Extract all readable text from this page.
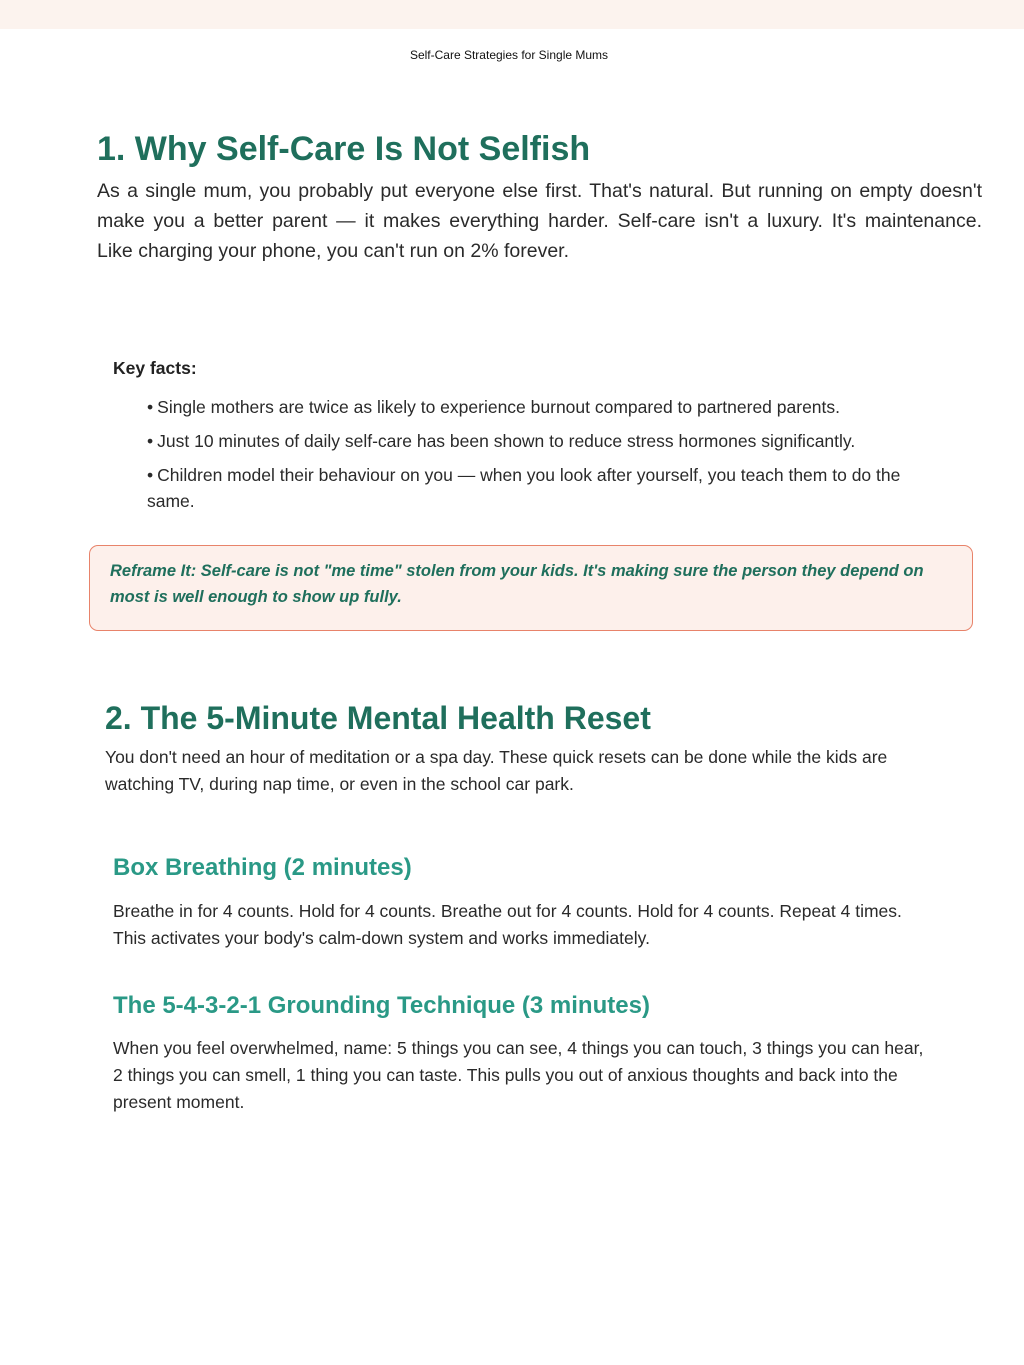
Self-Care Strategies for Single Mums
1. Why Self-Care Is Not Selfish

As a single mum, you probably put everyone else first. That's natural. But running on empty doesn't

make you a better parent — it makes everything harder. Self-care isn't a luxury. It's maintenance.

Like charging your phone, you can't run on 2% forever.

Key facts:

• Single mothers are twice as likely to experience burnout compared to partnered parents.
• Just 10 minutes of daily self-care has been shown to reduce stress hormones significantly.
• Children model their behaviour on you — when you look after yourself, you teach them to do the same.

Reframe It: Self-care is not "me time" stolen from your kids. It's making sure the person they depend on most is well enough to show up fully.

2. The 5-Minute Mental Health Reset

You don't need an hour of meditation or a spa day. These quick resets can be done while the kids are watching TV, during nap time, or even in the school car park.

Box Breathing (2 minutes)

Breathe in for 4 counts. Hold for 4 counts. Breathe out for 4 counts. Hold for 4 counts. Repeat 4 times. This activates your body's calm-down system and works immediately.

The 5-4-3-2-1 Grounding Technique (3 minutes)

When you feel overwhelmed, name: 5 things you can see, 4 things you can touch, 3 things you can hear, 2 things you can smell, 1 thing you can taste. This pulls you out of anxious thoughts and back into the present moment.
